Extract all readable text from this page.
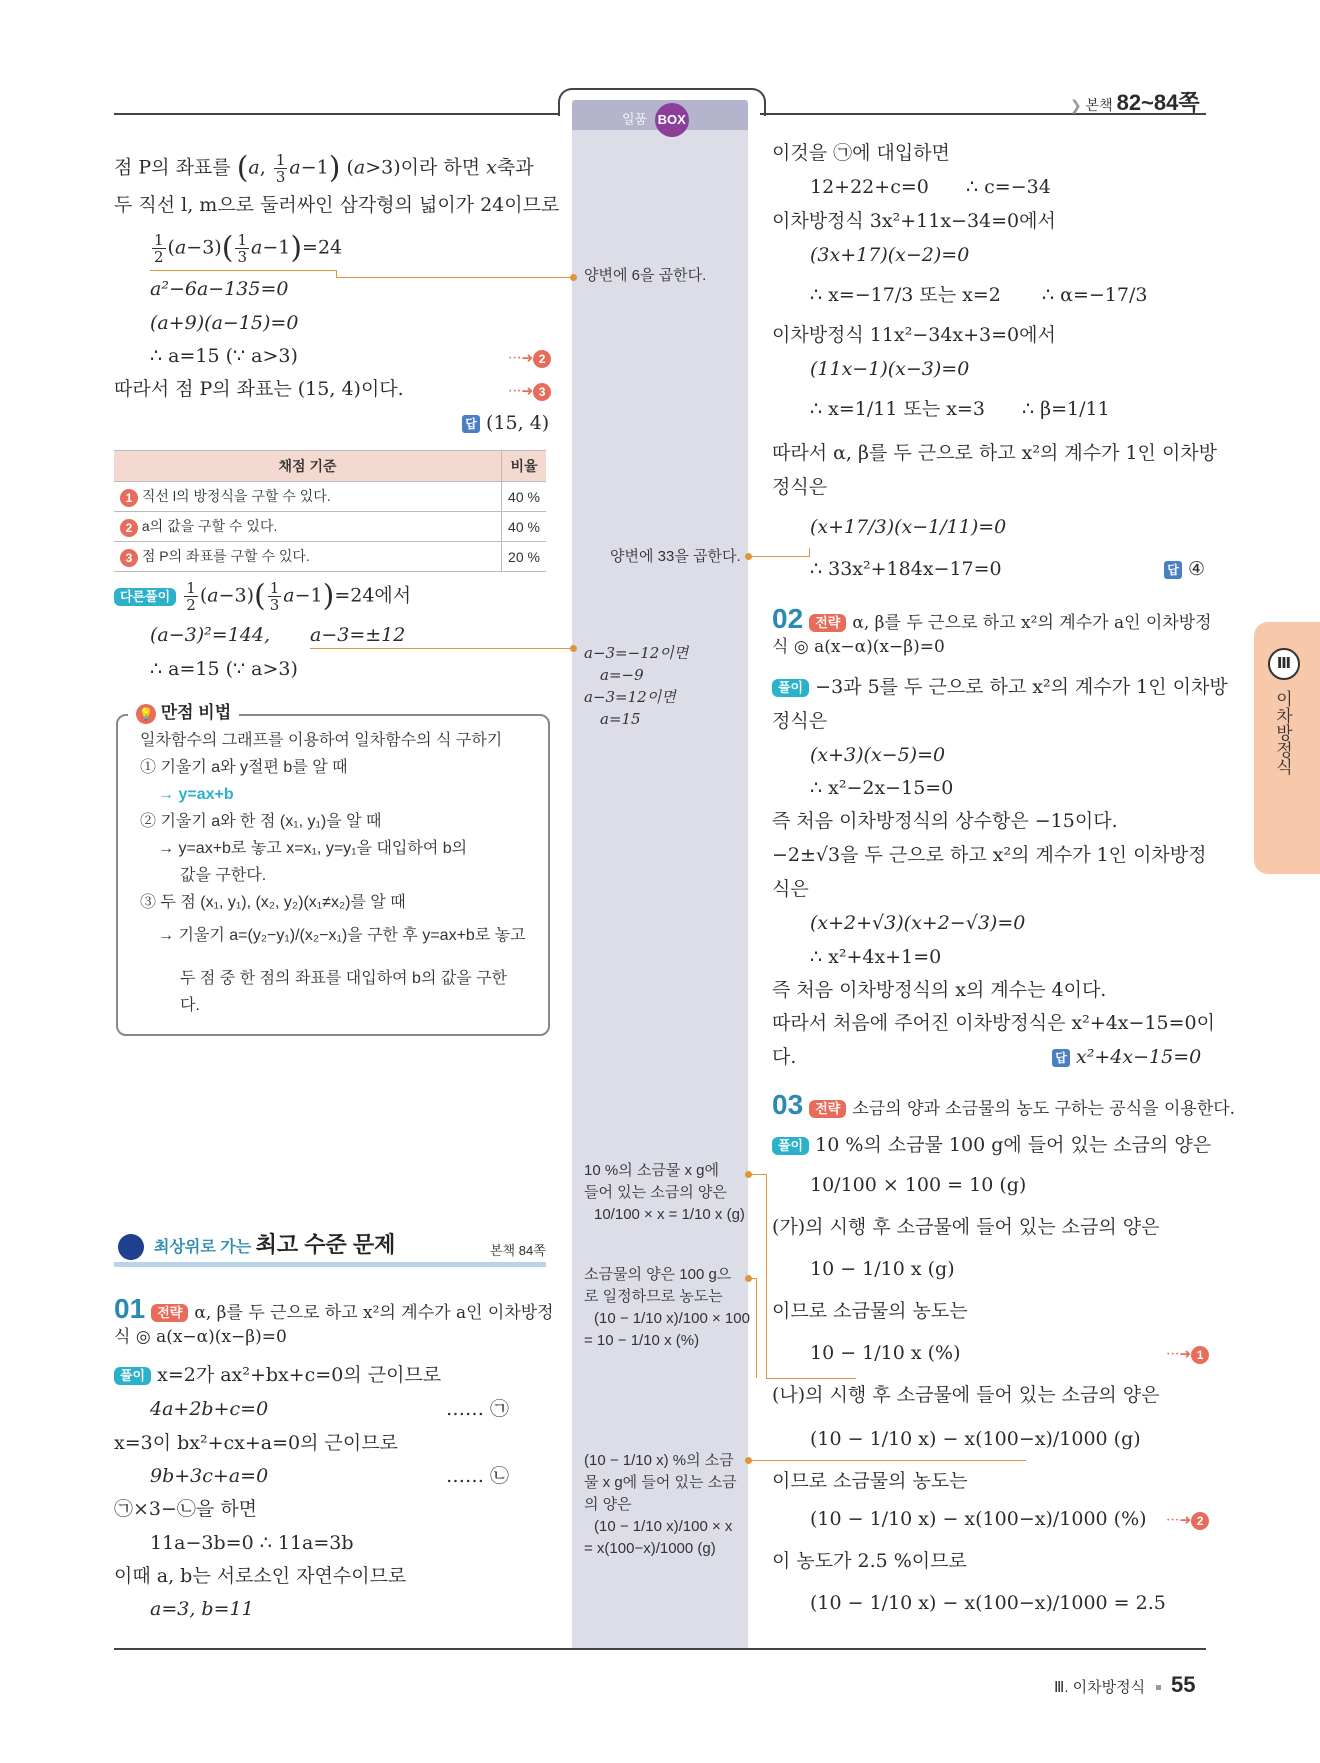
❯ 본책 82~84쪽
일품 BOX
Ⅲ
이차방정식
점 P의 좌표를 (a, $\frac{1}{3} a-1$) (a>3)이라 하면 x축과
두 직선 l, m으로 둘러싸인 삼각형의 넓이가 24이므로
$\frac{1}{2} (a-3)( \frac{1}{3} a-1)=24$
a²−6a−135=0
(a+9)(a−15)=0
∴ a=15 (∵ a>3)	···➜ 2
따라서 점 P의 좌표는 (15, 4)이다.	···➜ 3
답 (15, 4)
채점 기준	비율
1 직선 l의 방정식을 구할 수 있다.	40 %
2 a의 값을 구할 수 있다.	40 %
3 점 P의 좌표를 구할 수 있다.	20 %
다른풀이 $\frac{1}{2} (a-3)( \frac{1}{3} a-1)=24$에서
(a−3)²=144, a−3=±12
∴ a=15 (∵ a>3)
💡 만점 비법
일차함수의 그래프를 이용하여 일차함수의 식 구하기
① 기울기 a와 y절편 b를 알 때
→ y=ax+b
② 기울기 a와 한 점 (x₁, y₁)을 알 때
→ y=ax+b로 놓고 x=x₁, y=y₁을 대입하여 b의
값을 구한다.
③ 두 점 (x₁, y₁), (x₂, y₂)(x₁≠x₂)를 알 때
→ 기울기 a=(y₂−y₁)/(x₂−x₁)을 구한 후 y=ax+b로 놓고
두 점 중 한 점의 좌표를 대입하여 b의 값을 구한
다.
최상위로 가는 최고 수준 문제	본책 84쪽
01 전략 α, β를 두 근으로 하고 x²의 계수가 a인 이차방정
식 ◎ a(x−α)(x−β)=0
풀이 x=2가 ax²+bx+c=0의 근이므로
4a+2b+c=0	…… ㉠
x=3이 bx²+cx+a=0의 근이므로
9b+3c+a=0	…… ㉡
㉠×3−㉡을 하면
11a−3b=0 ∴ 11a=3b
이때 a, b는 서로소인 자연수이므로
a=3, b=11
양변에 6을 곱한다.
양변에 33을 곱한다.
a−3=−12이면
a=−9
a−3=12이면
a=15
10 %의 소금물 x g에
들어 있는 소금의 양은
10/100 × x = 1/10 x (g)
소금물의 양은 100 g으
로 일정하므로 농도는
(10 − 1/10 x)/100 × 100
= 10 − 1/10 x (%)
(10 − 1/10 x) %의 소금
물 x g에 들어 있는 소금
의 양은
(10 − 1/10 x)/100 × x
= x(100−x)/1000 (g)
이것을 ㉠에 대입하면
12+22+c=0 ∴ c=−34
이차방정식 3x²+11x−34=0에서
(3x+17)(x−2)=0
∴ x=−17/3 또는 x=2 ∴ α=−17/3
이차방정식 11x²−34x+3=0에서
(11x−1)(x−3)=0
∴ x=1/11 또는 x=3 ∴ β=1/11
따라서 α, β를 두 근으로 하고 x²의 계수가 1인 이차방
정식은
(x+17/3)(x−1/11)=0
∴ 33x²+184x−17=0	답 ④
02 전략 α, β를 두 근으로 하고 x²의 계수가 a인 이차방정
식 ◎ a(x−α)(x−β)=0
풀이 −3과 5를 두 근으로 하고 x²의 계수가 1인 이차방
정식은
(x+3)(x−5)=0
∴ x²−2x−15=0
즉 처음 이차방정식의 상수항은 −15이다.
−2±√3을 두 근으로 하고 x²의 계수가 1인 이차방정
식은
(x+2+√3)(x+2−√3)=0
∴ x²+4x+1=0
즉 처음 이차방정식의 x의 계수는 4이다.
따라서 처음에 주어진 이차방정식은 x²+4x−15=0이
다.	답 x²+4x−15=0
03 전략 소금의 양과 소금물의 농도 구하는 공식을 이용한다.
풀이 10 %의 소금물 100 g에 들어 있는 소금의 양은
10/100 × 100 = 10 (g)
(가)의 시행 후 소금물에 들어 있는 소금의 양은
10 − 1/10 x (g)
이므로 소금물의 농도는
10 − 1/10 x (%)	···➜ 1
(나)의 시행 후 소금물에 들어 있는 소금의 양은
(10 − 1/10 x) − x(100−x)/1000 (g)
이므로 소금물의 농도는
(10 − 1/10 x) − x(100−x)/1000 (%) ···➜ 2
이 농도가 2.5 %이므로
(10 − 1/10 x) − x(100−x)/1000 = 2.5
Ⅲ. 이차방정식 55
